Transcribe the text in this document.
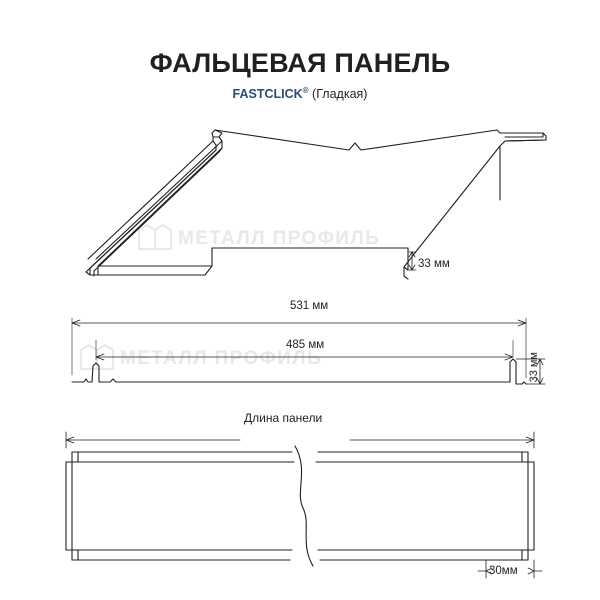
ФАЛЬЦЕВАЯ ПАНЕЛЬ
FASTCLICK® (Гладкая)
МЕТАЛЛ ПРОФИЛЬ
МЕТАЛЛ ПРОФИЛЬ
33 мм
531 мм
485 мм
33 мм
Длина панели
30мм
